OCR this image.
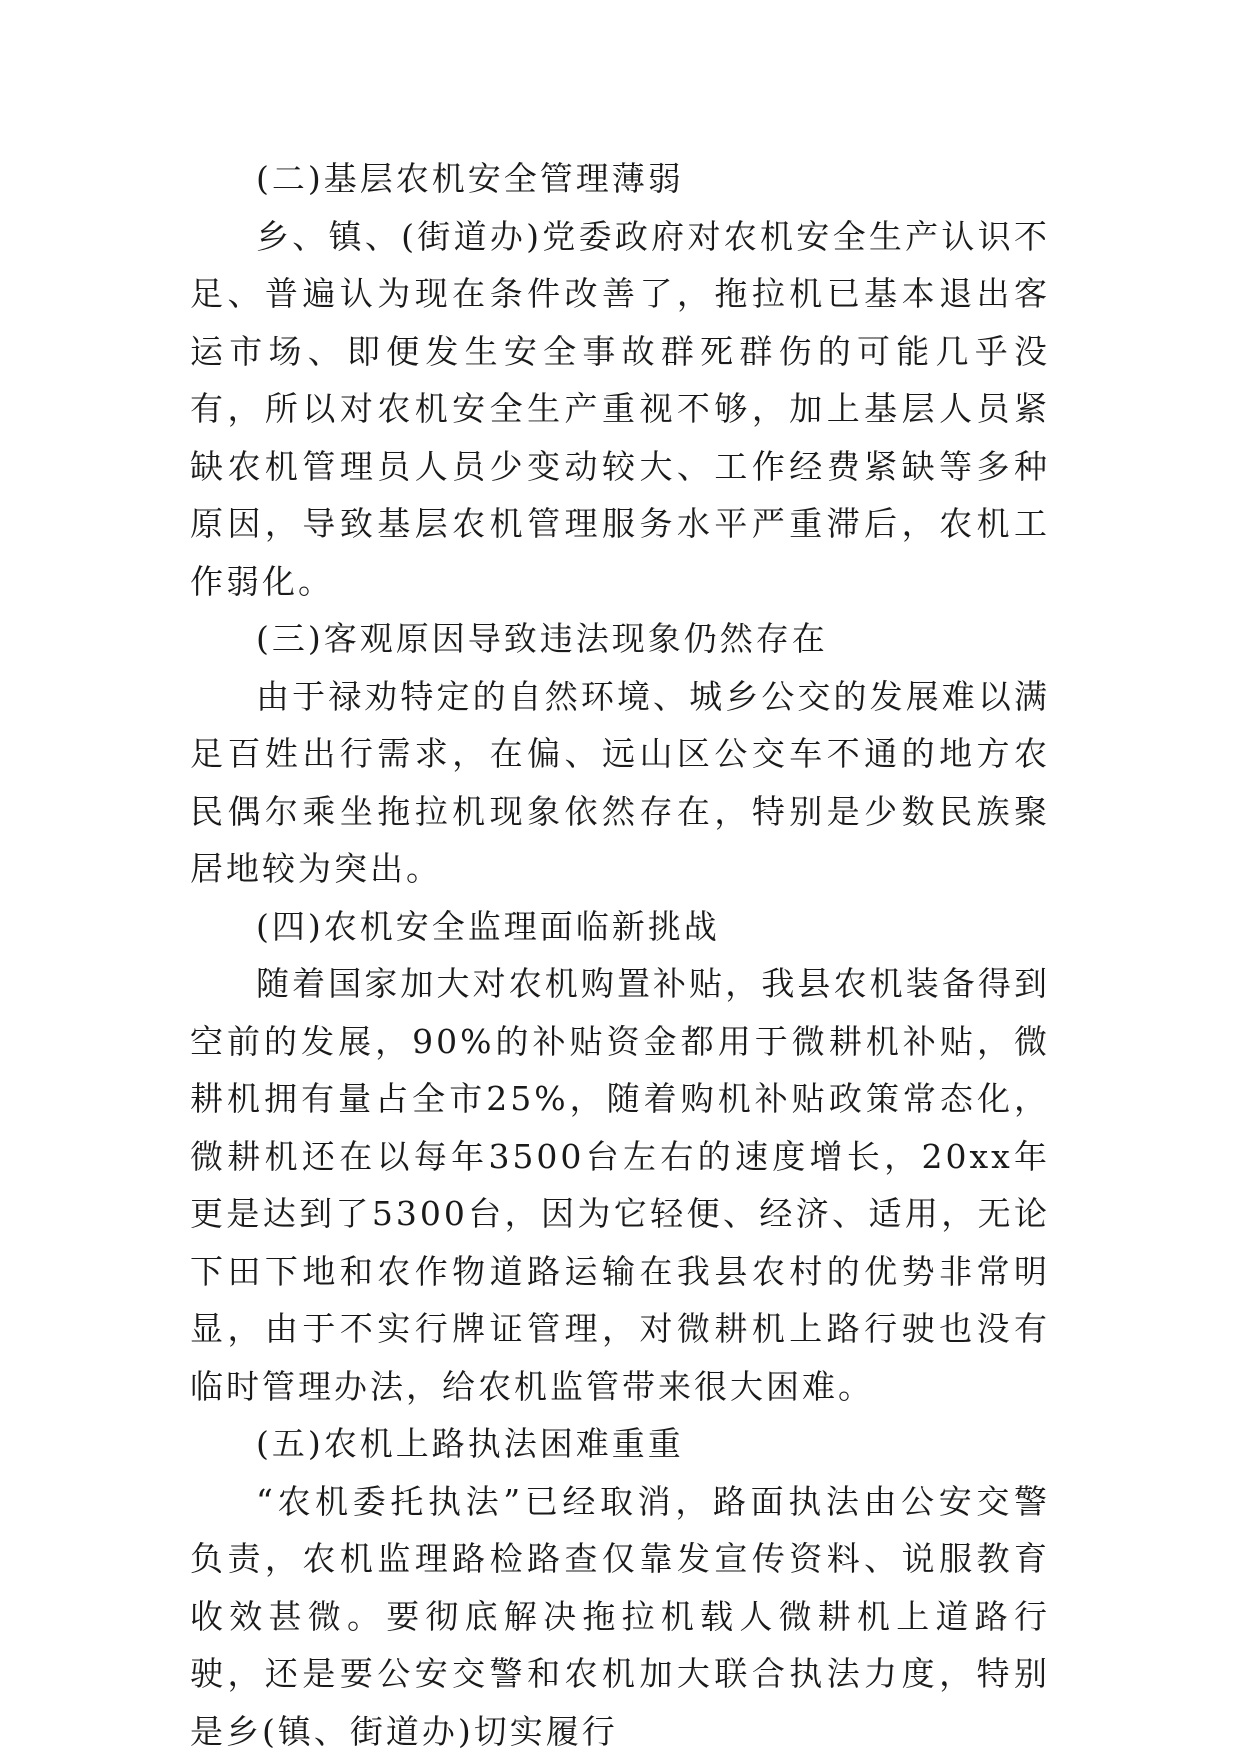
(二)基层农机安全管理薄弱

乡、镇、(街道办)党委政府对农机安全生产认识不足、普遍认为现在条件改善了，拖拉机已基本退出客运市场、即便发生安全事故群死群伤的可能几乎没有，所以对农机安全生产重视不够，加上基层人员紧缺农机管理员人员少变动较大、工作经费紧缺等多种原因，导致基层农机管理服务水平严重滞后，农机工作弱化。

(三)客观原因导致违法现象仍然存在

由于禄劝特定的自然环境、城乡公交的发展难以满足百姓出行需求，在偏、远山区公交车不通的地方农民偶尔乘坐拖拉机现象依然存在，特别是少数民族聚居地较为突出。

(四)农机安全监理面临新挑战

随着国家加大对农机购置补贴，我县农机装备得到空前的发展，90%的补贴资金都用于微耕机补贴，微耕机拥有量占全市25%，随着购机补贴政策常态化，微耕机还在以每年3500台左右的速度增长，20xx年更是达到了5300台，因为它轻便、经济、适用，无论下田下地和农作物道路运输在我县农村的优势非常明显，由于不实行牌证管理，对微耕机上路行驶也没有临时管理办法，给农机监管带来很大困难。

(五)农机上路执法困难重重

“农机委托执法”已经取消，路面执法由公安交警负责，农机监理路检路查仅靠发宣传资料、说服教育收效甚微。要彻底解决拖拉机载人微耕机上道路行驶，还是要公安交警和农机加大联合执法力度，特别是乡(镇、街道办)切实履行
